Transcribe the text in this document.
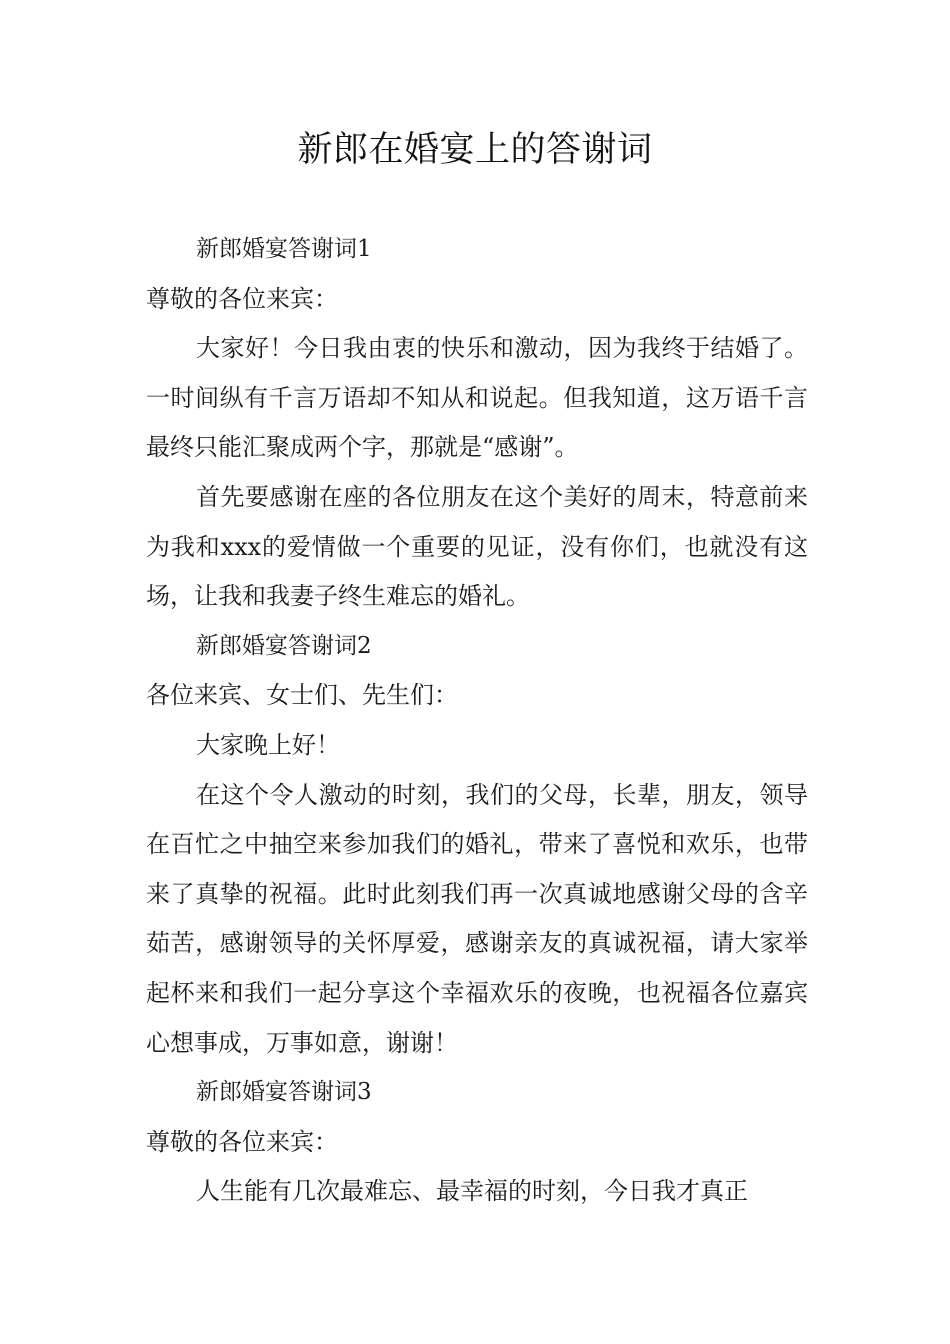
新郎在婚宴上的答谢词

新郎婚宴答谢词1

尊敬的各位来宾：

大家好！今日我由衷的快乐和激动，因为我终于结婚了。一时间纵有千言万语却不知从和说起。但我知道，这万语千言最终只能汇聚成两个字，那就是“感谢”。

首先要感谢在座的各位朋友在这个美好的周末，特意前来为我和xxx的爱情做一个重要的见证，没有你们，也就没有这场，让我和我妻子终生难忘的婚礼。

新郎婚宴答谢词2

各位来宾、女士们、先生们：

大家晚上好！

在这个令人激动的时刻，我们的父母，长辈，朋友，领导在百忙之中抽空来参加我们的婚礼，带来了喜悦和欢乐，也带来了真挚的祝福。此时此刻我们再一次真诚地感谢父母的含辛茹苦，感谢领导的关怀厚爱，感谢亲友的真诚祝福，请大家举起杯来和我们一起分享这个幸福欢乐的夜晚，也祝福各位嘉宾心想事成，万事如意，谢谢！

新郎婚宴答谢词3

尊敬的各位来宾：

人生能有几次最难忘、最幸福的时刻，今日我才真正
